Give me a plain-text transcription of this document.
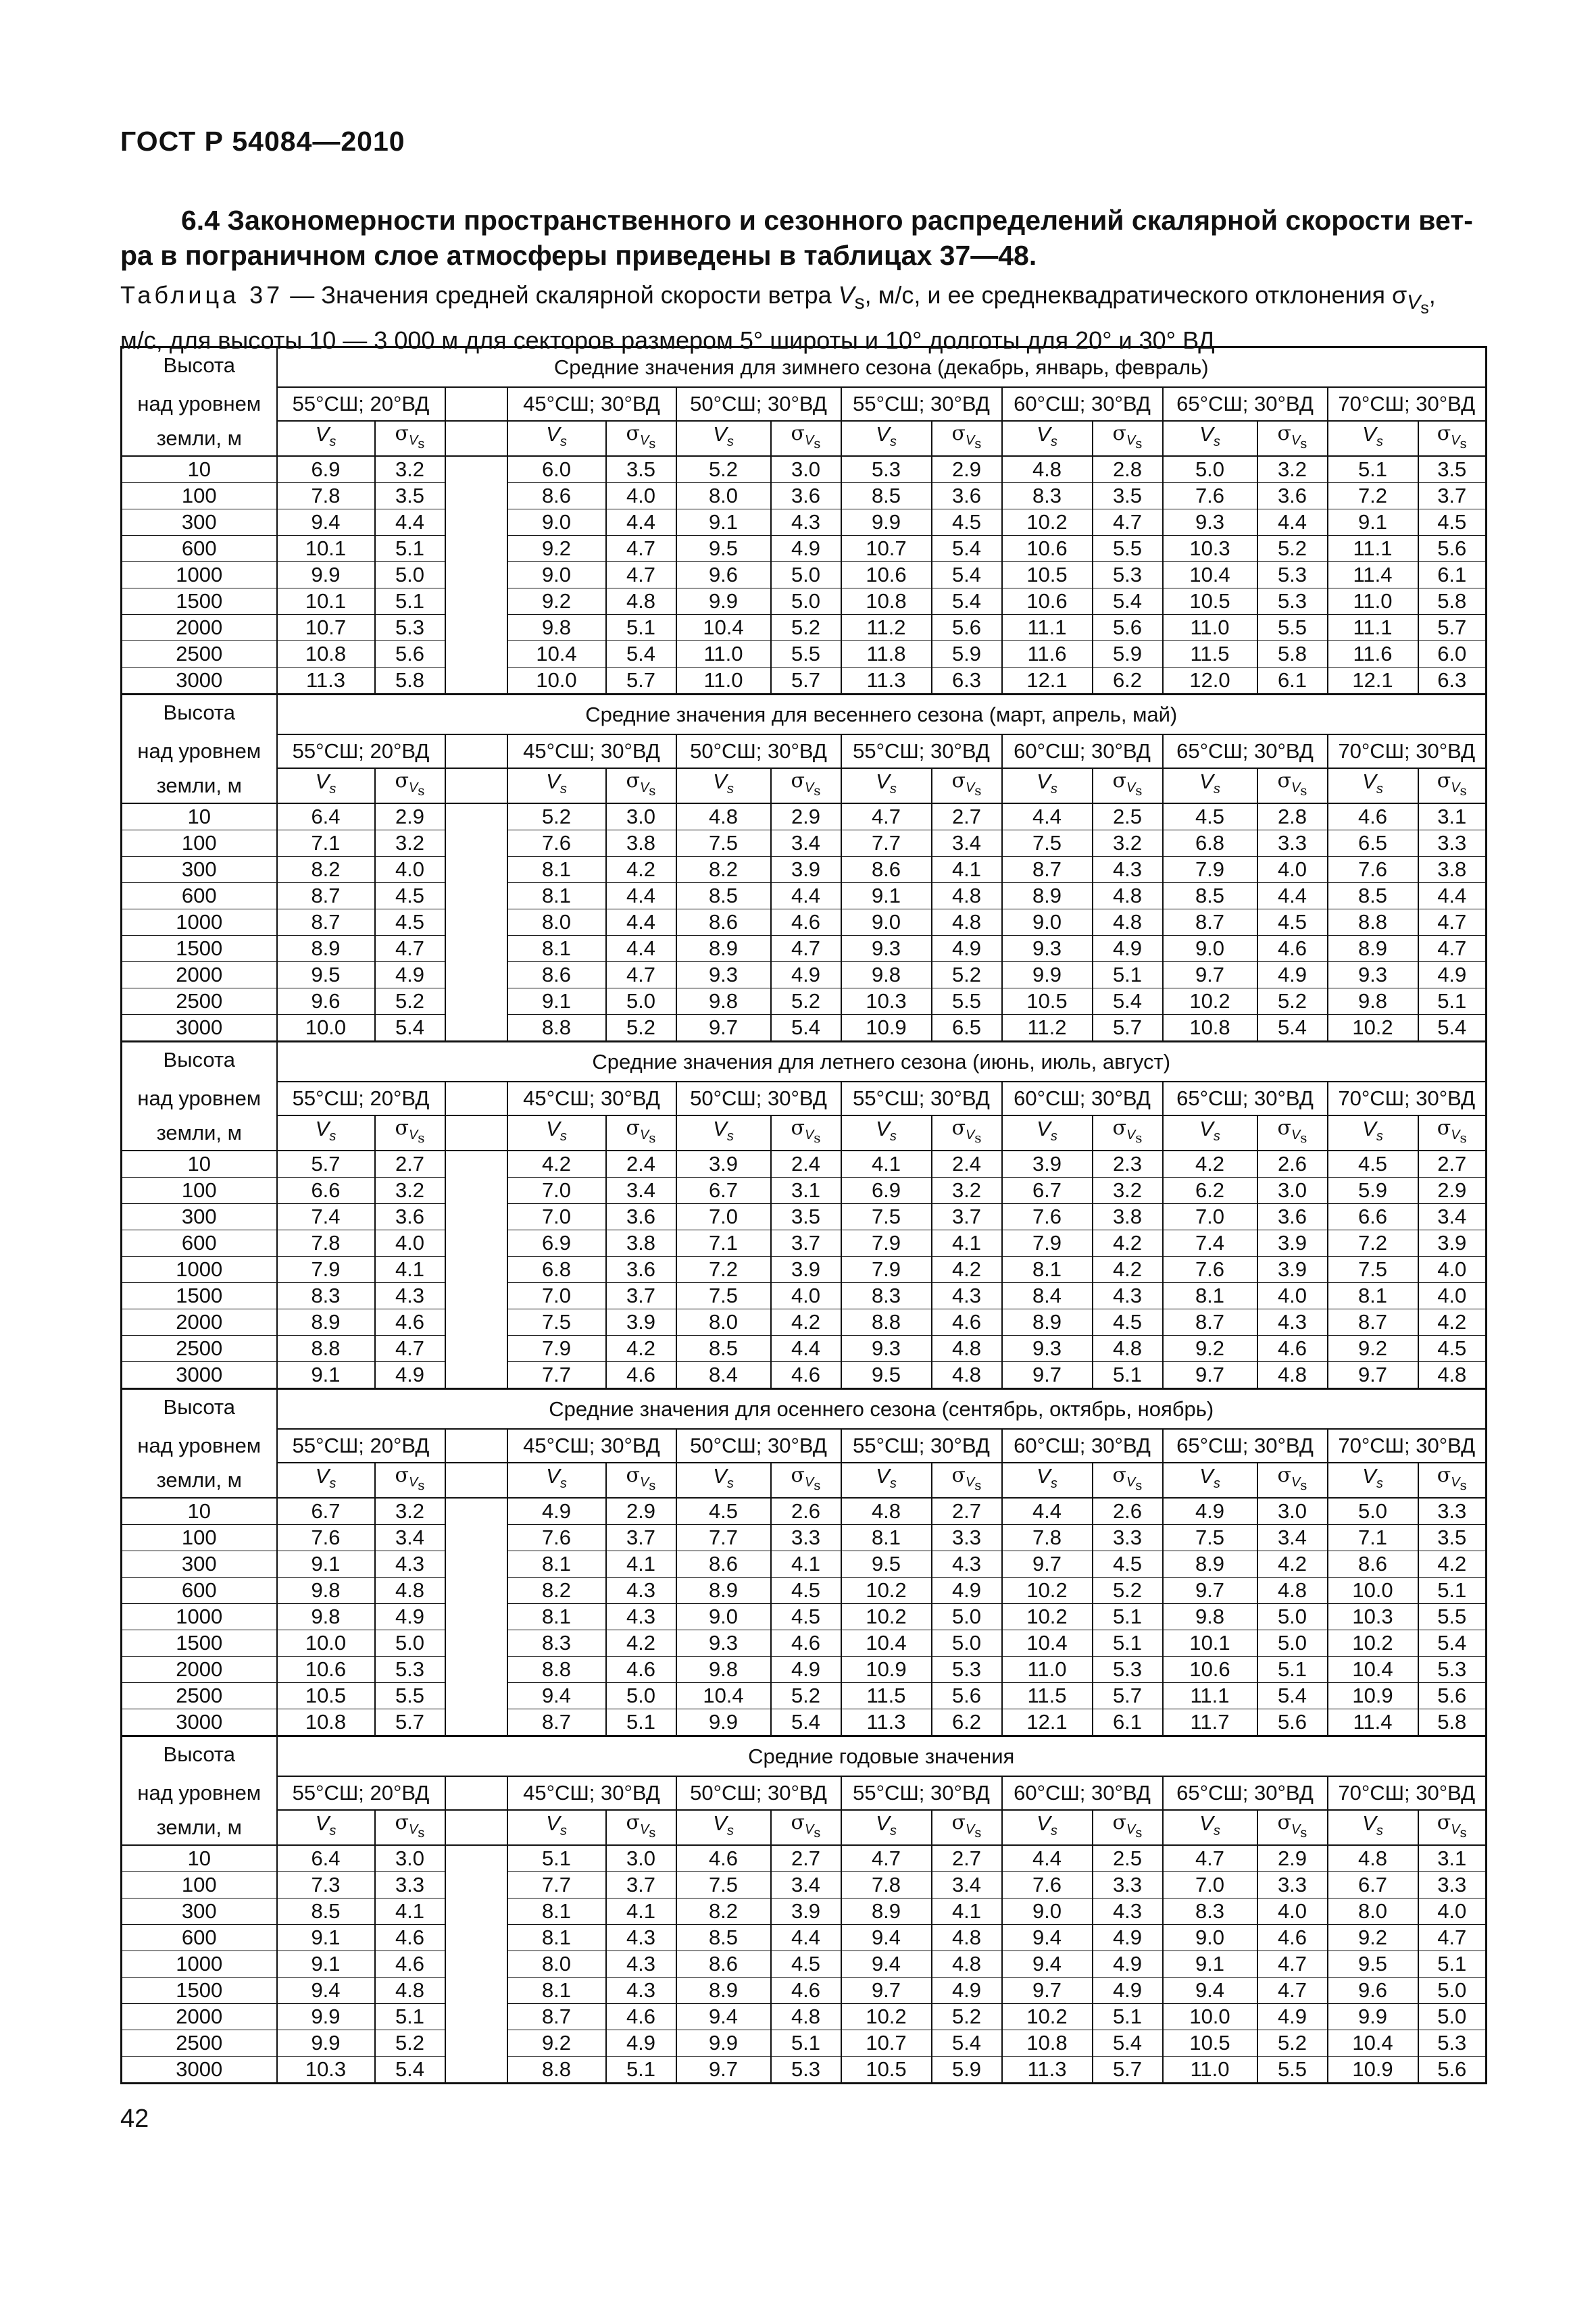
ГОСТ Р 54084—2010
6.4 Закономерности пространственного и сезонного распределений скалярной скорости вет-
ра в пограничном слое атмосферы приведены в таблицах 37—48.
Таблица 37 — Значения средней скалярной скорости ветра $V_s$, м/с, и ее среднеквадратического отклонения $\sigma_{V_s}$,
м/с, для высоты 10 — 3 000 м для секторов размером 5° широты и 10° долготы для 20° и 30° ВД
Высота	Средние значения для зимнего сезона (декабрь, январь, февраль)														
над уровнем	55°СШ; 20°ВД			45°СШ; 30°ВД		50°СШ; 30°ВД		55°СШ; 30°ВД		60°СШ; 30°ВД		65°СШ; 30°ВД		70°СШ; 30°ВД	
земли, м	$V_s$	$\sigma_{V_s}$		$V_s$	$\sigma_{V_s}$	$V_s$	$\sigma_{V_s}$	$V_s$	$\sigma_{V_s}$	$V_s$	$\sigma_{V_s}$	$V_s$	$\sigma_{V_s}$	$V_s$	$\sigma_{V_s}$
10	6.9	3.2		6.0	3.5	5.2	3.0	5.3	2.9	4.8	2.8	5.0	3.2	5.1	3.5
100	7.8	3.5		8.6	4.0	8.0	3.6	8.5	3.6	8.3	3.5	7.6	3.6	7.2	3.7
300	9.4	4.4		9.0	4.4	9.1	4.3	9.9	4.5	10.2	4.7	9.3	4.4	9.1	4.5
600	10.1	5.1		9.2	4.7	9.5	4.9	10.7	5.4	10.6	5.5	10.3	5.2	11.1	5.6
1000	9.9	5.0		9.0	4.7	9.6	5.0	10.6	5.4	10.5	5.3	10.4	5.3	11.4	6.1
1500	10.1	5.1		9.2	4.8	9.9	5.0	10.8	5.4	10.6	5.4	10.5	5.3	11.0	5.8
2000	10.7	5.3		9.8	5.1	10.4	5.2	11.2	5.6	11.1	5.6	11.0	5.5	11.1	5.7
2500	10.8	5.6		10.4	5.4	11.0	5.5	11.8	5.9	11.6	5.9	11.5	5.8	11.6	6.0
3000	11.3	5.8		10.0	5.7	11.0	5.7	11.3	6.3	12.1	6.2	12.0	6.1	12.1	6.3
Высота	Средние значения для весеннего сезона (март, апрель, май)														
над уровнем	55°СШ; 20°ВД			45°СШ; 30°ВД		50°СШ; 30°ВД		55°СШ; 30°ВД		60°СШ; 30°ВД		65°СШ; 30°ВД		70°СШ; 30°ВД	
земли, м	$V_s$	$\sigma_{V_s}$		$V_s$	$\sigma_{V_s}$	$V_s$	$\sigma_{V_s}$	$V_s$	$\sigma_{V_s}$	$V_s$	$\sigma_{V_s}$	$V_s$	$\sigma_{V_s}$	$V_s$	$\sigma_{V_s}$
10	6.4	2.9		5.2	3.0	4.8	2.9	4.7	2.7	4.4	2.5	4.5	2.8	4.6	3.1
100	7.1	3.2		7.6	3.8	7.5	3.4	7.7	3.4	7.5	3.2	6.8	3.3	6.5	3.3
300	8.2	4.0		8.1	4.2	8.2	3.9	8.6	4.1	8.7	4.3	7.9	4.0	7.6	3.8
600	8.7	4.5		8.1	4.4	8.5	4.4	9.1	4.8	8.9	4.8	8.5	4.4	8.5	4.4
1000	8.7	4.5		8.0	4.4	8.6	4.6	9.0	4.8	9.0	4.8	8.7	4.5	8.8	4.7
1500	8.9	4.7		8.1	4.4	8.9	4.7	9.3	4.9	9.3	4.9	9.0	4.6	8.9	4.7
2000	9.5	4.9		8.6	4.7	9.3	4.9	9.8	5.2	9.9	5.1	9.7	4.9	9.3	4.9
2500	9.6	5.2		9.1	5.0	9.8	5.2	10.3	5.5	10.5	5.4	10.2	5.2	9.8	5.1
3000	10.0	5.4		8.8	5.2	9.7	5.4	10.9	6.5	11.2	5.7	10.8	5.4	10.2	5.4
Высота	Средние значения для летнего сезона (июнь, июль, август)														
над уровнем	55°СШ; 20°ВД			45°СШ; 30°ВД		50°СШ; 30°ВД		55°СШ; 30°ВД		60°СШ; 30°ВД		65°СШ; 30°ВД		70°СШ; 30°ВД	
земли, м	$V_s$	$\sigma_{V_s}$		$V_s$	$\sigma_{V_s}$	$V_s$	$\sigma_{V_s}$	$V_s$	$\sigma_{V_s}$	$V_s$	$\sigma_{V_s}$	$V_s$	$\sigma_{V_s}$	$V_s$	$\sigma_{V_s}$
10	5.7	2.7		4.2	2.4	3.9	2.4	4.1	2.4	3.9	2.3	4.2	2.6	4.5	2.7
100	6.6	3.2		7.0	3.4	6.7	3.1	6.9	3.2	6.7	3.2	6.2	3.0	5.9	2.9
300	7.4	3.6		7.0	3.6	7.0	3.5	7.5	3.7	7.6	3.8	7.0	3.6	6.6	3.4
600	7.8	4.0		6.9	3.8	7.1	3.7	7.9	4.1	7.9	4.2	7.4	3.9	7.2	3.9
1000	7.9	4.1		6.8	3.6	7.2	3.9	7.9	4.2	8.1	4.2	7.6	3.9	7.5	4.0
1500	8.3	4.3		7.0	3.7	7.5	4.0	8.3	4.3	8.4	4.3	8.1	4.0	8.1	4.0
2000	8.9	4.6		7.5	3.9	8.0	4.2	8.8	4.6	8.9	4.5	8.7	4.3	8.7	4.2
2500	8.8	4.7		7.9	4.2	8.5	4.4	9.3	4.8	9.3	4.8	9.2	4.6	9.2	4.5
3000	9.1	4.9		7.7	4.6	8.4	4.6	9.5	4.8	9.7	5.1	9.7	4.8	9.7	4.8
Высота	Средние значения для осеннего сезона (сентябрь, октябрь, ноябрь)														
над уровнем	55°СШ; 20°ВД			45°СШ; 30°ВД		50°СШ; 30°ВД		55°СШ; 30°ВД		60°СШ; 30°ВД		65°СШ; 30°ВД		70°СШ; 30°ВД	
земли, м	$V_s$	$\sigma_{V_s}$		$V_s$	$\sigma_{V_s}$	$V_s$	$\sigma_{V_s}$	$V_s$	$\sigma_{V_s}$	$V_s$	$\sigma_{V_s}$	$V_s$	$\sigma_{V_s}$	$V_s$	$\sigma_{V_s}$
10	6.7	3.2		4.9	2.9	4.5	2.6	4.8	2.7	4.4	2.6	4.9	3.0	5.0	3.3
100	7.6	3.4		7.6	3.7	7.7	3.3	8.1	3.3	7.8	3.3	7.5	3.4	7.1	3.5
300	9.1	4.3		8.1	4.1	8.6	4.1	9.5	4.3	9.7	4.5	8.9	4.2	8.6	4.2
600	9.8	4.8		8.2	4.3	8.9	4.5	10.2	4.9	10.2	5.2	9.7	4.8	10.0	5.1
1000	9.8	4.9		8.1	4.3	9.0	4.5	10.2	5.0	10.2	5.1	9.8	5.0	10.3	5.5
1500	10.0	5.0		8.3	4.2	9.3	4.6	10.4	5.0	10.4	5.1	10.1	5.0	10.2	5.4
2000	10.6	5.3		8.8	4.6	9.8	4.9	10.9	5.3	11.0	5.3	10.6	5.1	10.4	5.3
2500	10.5	5.5		9.4	5.0	10.4	5.2	11.5	5.6	11.5	5.7	11.1	5.4	10.9	5.6
3000	10.8	5.7		8.7	5.1	9.9	5.4	11.3	6.2	12.1	6.1	11.7	5.6	11.4	5.8
Высота	Средние годовые значения														
над уровнем	55°СШ; 20°ВД			45°СШ; 30°ВД		50°СШ; 30°ВД		55°СШ; 30°ВД		60°СШ; 30°ВД		65°СШ; 30°ВД		70°СШ; 30°ВД	
земли, м	$V_s$	$\sigma_{V_s}$		$V_s$	$\sigma_{V_s}$	$V_s$	$\sigma_{V_s}$	$V_s$	$\sigma_{V_s}$	$V_s$	$\sigma_{V_s}$	$V_s$	$\sigma_{V_s}$	$V_s$	$\sigma_{V_s}$
10	6.4	3.0		5.1	3.0	4.6	2.7	4.7	2.7	4.4	2.5	4.7	2.9	4.8	3.1
100	7.3	3.3		7.7	3.7	7.5	3.4	7.8	3.4	7.6	3.3	7.0	3.3	6.7	3.3
300	8.5	4.1		8.1	4.1	8.2	3.9	8.9	4.1	9.0	4.3	8.3	4.0	8.0	4.0
600	9.1	4.6		8.1	4.3	8.5	4.4	9.4	4.8	9.4	4.9	9.0	4.6	9.2	4.7
1000	9.1	4.6		8.0	4.3	8.6	4.5	9.4	4.8	9.4	4.9	9.1	4.7	9.5	5.1
1500	9.4	4.8		8.1	4.3	8.9	4.6	9.7	4.9	9.7	4.9	9.4	4.7	9.6	5.0
2000	9.9	5.1		8.7	4.6	9.4	4.8	10.2	5.2	10.2	5.1	10.0	4.9	9.9	5.0
2500	9.9	5.2		9.2	4.9	9.9	5.1	10.7	5.4	10.8	5.4	10.5	5.2	10.4	5.3
3000	10.3	5.4		8.8	5.1	9.7	5.3	10.5	5.9	11.3	5.7	11.0	5.5	10.9	5.6
42
